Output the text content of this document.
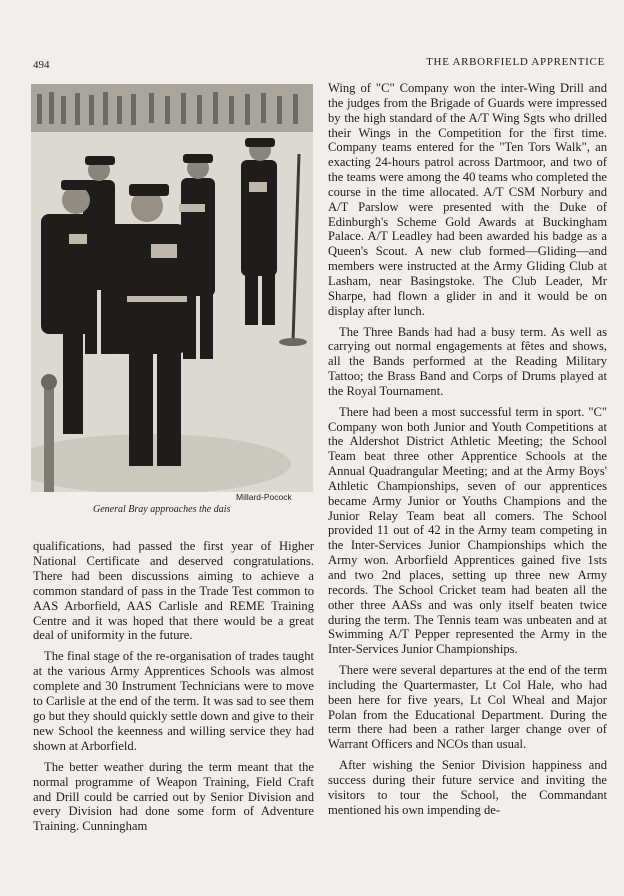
494	THE ARBORFIELD APPRENTICE
Millard-Pocock
General Bray approaches the dais

qualifications, had passed the first year of Higher National Certificate and deserved congratulations. There had been discussions aiming to achieve a common standard of pass in the Trade Test common to AAS Arborfield, AAS Carlisle and REME Training Centre and it was hoped that there would be a great deal of uniformity in the future.

The final stage of the re-organisation of trades taught at the various Army Apprentices Schools was almost complete and 30 Instrument Technicians were to move to Carlisle at the end of the term. It was sad to see them go but they should quickly settle down and give to their new School the keenness and willing service they had shown at Arborfield.

The better weather during the term meant that the normal programme of Weapon Training, Field Craft and Drill could be carried out by Senior Division and every Division had done some form of Adventure Training. Cunningham

Wing of "C" Company won the inter-Wing Drill and the judges from the Brigade of Guards were impressed by the high standard of the A/T Wing Sgts who drilled their Wings in the Competition for the first time. Company teams entered for the "Ten Tors Walk", an exacting 24-hours patrol across Dartmoor, and two of the teams were among the 40 teams who completed the course in the time allocated. A/T CSM Norbury and A/T Parslow were presented with the Duke of Edinburgh's Scheme Gold Awards at Buckingham Palace. A/T Leadley had been awarded his badge as a Queen's Scout. A new club formed—Gliding—and members were instructed at the Army Gliding Club at Lasham, near Basingstoke. The Club Leader, Mr Sharpe, had flown a glider in and it would be on display after lunch.

The Three Bands had had a busy term. As well as carrying out normal engagements at fêtes and shows, all the Bands performed at the Reading Military Tattoo; the Brass Band and Corps of Drums played at the Royal Tournament.

There had been a most successful term in sport. "C" Company won both Junior and Youth Competitions at the Aldershot District Athletic Meeting; the School Team beat three other Apprentice Schools at the Annual Quadrangular Meeting; and at the Army Boys' Athletic Championships, seven of our apprentices became Army Junior or Youths Champions and the Junior Relay Team beat all comers. The School provided 11 out of 42 in the Army team competing in the Inter-Services Junior Championships which the Army won. Arborfield Apprentices gained five 1sts and two 2nd places, setting up three new Army records. The School Cricket team had beaten all the other three AASs and was only itself beaten twice during the term. The Tennis team was unbeaten and at Swimming A/T Pepper represented the Army in the Inter-Services Junior Championships.

There were several departures at the end of the term including the Quartermaster, Lt Col Hale, who had been here for five years, Lt Col Wheal and Major Polan from the Educational Department. During the term there had been a rather larger change over of Warrant Officers and NCOs than usual.

After wishing the Senior Division happiness and success during their future service and inviting the visitors to tour the School, the Commandant mentioned his own impending de-
